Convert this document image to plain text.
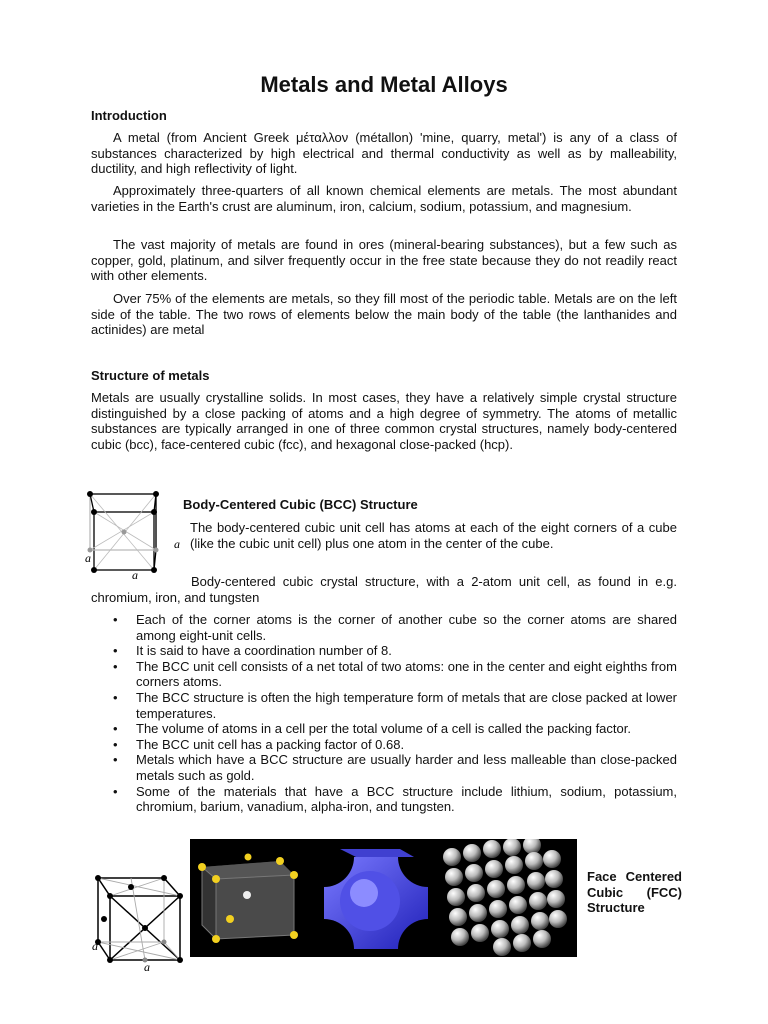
Metals and Metal Alloys
Introduction

A metal (from Ancient Greek μέταλλον (métallon) 'mine, quarry, metal') is any of a class of substances characterized by high electrical and thermal conductivity as well as by malleability, ductility, and high reflectivity of light.

Approximately three-quarters of all known chemical elements are metals. The most abundant varieties in the Earth's crust are aluminum, iron, calcium, sodium, potassium, and magnesium.

The vast majority of metals are found in ores (mineral-bearing substances), but a few such as copper, gold, platinum, and silver frequently occur in the free state because they do not readily react with other elements.

Over 75% of the elements are metals, so they fill most of the periodic table. Metals are on the left side of the table. The two rows of elements below the main body of the table (the lanthanides and actinides) are metal

Structure of metals

Metals are usually crystalline solids. In most cases, they have a relatively simple crystal structure distinguished by a close packing of atoms and a high degree of symmetry. The atoms of metallic substances are typically arranged in one of three common crystal structures, namely body-centered cubic (bcc), face-centered cubic (fcc), and hexagonal close-packed (hcp).

a
a
a
Body-Centered Cubic (BCC) Structure

The body-centered cubic unit cell has atoms at each of the eight corners of a cube (like the cubic unit cell) plus one atom in the center of the cube.

Body-centered cubic crystal structure, with a 2-atom unit cell, as found in e.g. chromium, iron, and tungsten

• Each of the corner atoms is the corner of another cube so the corner atoms are shared among eight-unit cells.
• It is said to have a coordination number of 8.
• The BCC unit cell consists of a net total of two atoms: one in the center and eight eighths from corners atoms.
• The BCC structure is often the high temperature form of metals that are close packed at lower temperatures.
• The volume of atoms in a cell per the total volume of a cell is called the packing factor.
• The BCC unit cell has a packing factor of 0.68.
• Metals which have a BCC structure are usually harder and less malleable than close-packed metals such as gold.
• Some of the materials that have a BCC structure include lithium, sodium, potassium, chromium, barium, vanadium, alpha-iron, and tungsten.
a
a
Face Centered Cubic (FCC) Structure
